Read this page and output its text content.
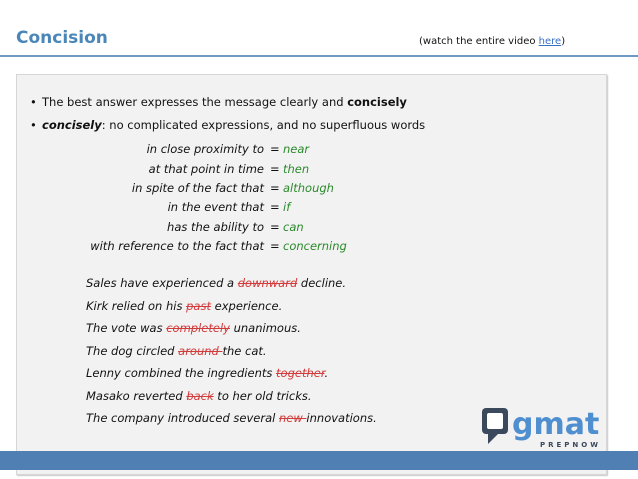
Concision	(watch the entire video here)
• The best answer expresses the message clearly and concisely
• concisely: no complicated expressions, and no superfluous words
in close proximity to = near
at that point in time = then
in spite of the fact that = although
in the event that = if
has the ability to = can
with reference to the fact that = concerning
Sales have experienced a downward decline.
Kirk relied on his past experience.
The vote was completely unanimous.
The dog circled around the cat.
Lenny combined the ingredients together.
Masako reverted back to her old tricks.
The company introduced several new innovations.	gmat
PREPNOW
